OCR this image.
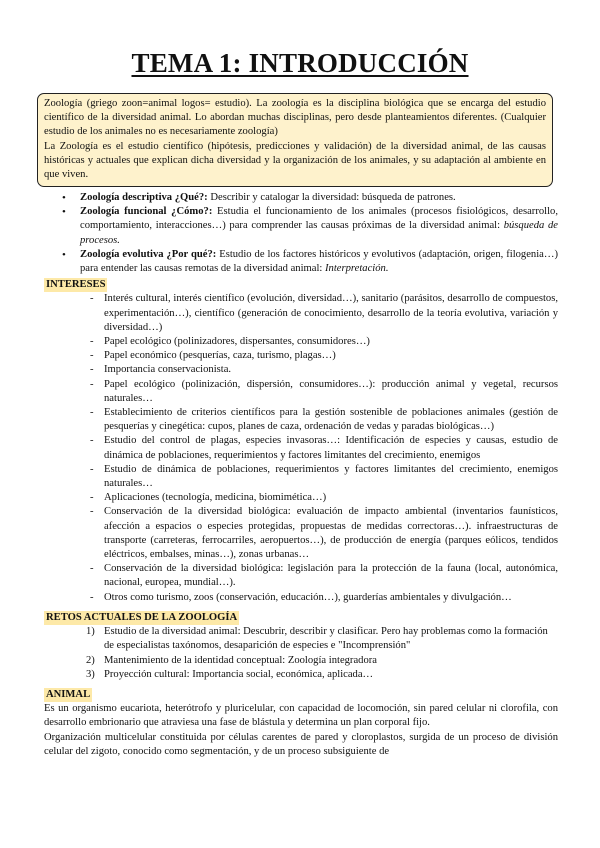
TEMA 1: INTRODUCCIÓN

Zoología (griego zoon=animal logos= estudio). La zoología es la disciplina biológica que se encarga del estudio científico de la diversidad animal. Lo abordan muchas disciplinas, pero desde planteamientos diferentes. (Cualquier estudio de los animales no es necesariamente zoología)

La Zoología es el estudio científico (hipótesis, predicciones y validación) de la diversidad animal, de las causas históricas y actuales que explican dicha diversidad y la organización de los animales, y su adaptación al ambiente en que viven.

• Zoología descriptiva ¿Qué?: Describir y catalogar la diversidad: búsqueda de patrones.
• Zoología funcional ¿Cómo?: Estudia el funcionamiento de los animales (procesos fisiológicos, desarrollo, comportamiento, interacciones…) para comprender las causas próximas de la diversidad animal: búsqueda de procesos.
• Zoología evolutiva ¿Por qué?: Estudio de los factores históricos y evolutivos (adaptación, origen, filogenia…) para entender las causas remotas de la diversidad animal: Interpretación.
INTERESES
- Interés cultural, interés científico (evolución, diversidad…), sanitario (parásitos, desarrollo de compuestos, experimentación…), científico (generación de conocimiento, desarrollo de la teoría evolutiva, variación y diversidad…)
- Papel ecológico (polinizadores, dispersantes, consumidores…)
- Papel económico (pesquerías, caza, turismo, plagas…)
- Importancia conservacionista.
- Papel ecológico (polinización, dispersión, consumidores…): producción animal y vegetal, recursos naturales…
- Establecimiento de criterios científicos para la gestión sostenible de poblaciones animales (gestión de pesquerías y cinegética: cupos, planes de caza, ordenación de vedas y paradas biológicas…)
- Estudio del control de plagas, especies invasoras…: Identificación de especies y causas, estudio de dinámica de poblaciones, requerimientos y factores limitantes del crecimiento, enemigos
- Estudio de dinámica de poblaciones, requerimientos y factores limitantes del crecimiento, enemigos naturales…
- Aplicaciones (tecnología, medicina, biomimética…)
- Conservación de la diversidad biológica: evaluación de impacto ambiental (inventarios faunísticos, afección a espacios o especies protegidas, propuestas de medidas correctoras…). infraestructuras de transporte (carreteras, ferrocarriles, aeropuertos…), de producción de energía (parques eólicos, tendidos eléctricos, embalses, minas…), zonas urbanas…
- Conservación de la diversidad biológica: legislación para la protección de la fauna (local, autonómica, nacional, europea, mundial…).
- Otros como turismo, zoos (conservación, educación…), guarderías ambientales y divulgación…
RETOS ACTUALES DE LA ZOOLOGÍA
1) Estudio de la diversidad animal: Descubrir, describir y clasificar. Pero hay problemas como la formación de especialistas taxónomos, desaparición de especies e "Incomprensión"
2) Mantenimiento de la identidad conceptual: Zoología integradora
3) Proyección cultural: Importancia social, económica, aplicada…
ANIMAL
Es un organismo eucariota, heterótrofo y pluricelular, con capacidad de locomoción, sin pared celular ni clorofila, con desarrollo embrionario que atraviesa una fase de blástula y determina un plan corporal fijo.
Organización multicelular constituida por células carentes de pared y cloroplastos, surgida de un proceso de división celular del zigoto, conocido como segmentación, y de un proceso subsiguiente de
